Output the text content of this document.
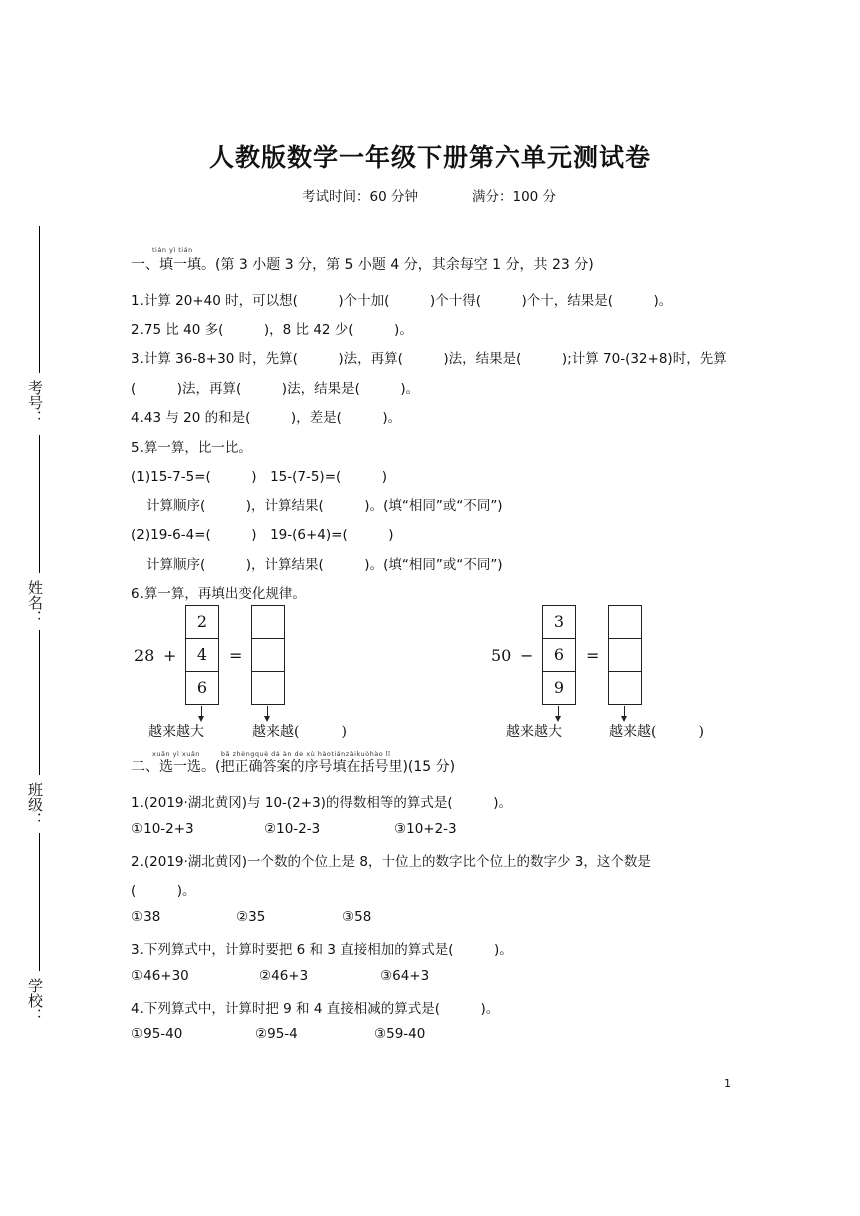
人教版数学一年级下册第六单元测试卷
考试时间：60 分钟	满分：100 分
考号：
姓名：
班级：
学校：
tián yì tián
一、填一填。(第 3 小题 3 分，第 5 小题 4 分，其余每空 1 分，共 23 分)
1.计算 20+40 时，可以想(　　　)个十加(　　　)个十得(　　　)个十，结果是(　　　)。
2.75 比 40 多(　　　)，8 比 42 少(　　　)。
3.计算 36-8+30 时，先算(　　　)法，再算(　　　)法，结果是(　　　);计算 70-(32+8)时，先算
(　　　)法，再算(　　　)法，结果是(　　　)。
4.43 与 20 的和是(　　　)，差是(　　　)。
5.算一算，比一比。
(1)15-7-5=(　　　)　15-(7-5)=(　　　)
计算顺序(　　　)，计算结果(　　　)。(填“相同”或“不同”)
(2)19-6-4=(　　　)　19-(6+4)=(　　　)
计算顺序(　　　)，计算结果(　　　)。(填“相同”或“不同”)
6.算一算，再填出变化规律。
28 +
2
4
6
=
越来越大	越来越(　　　)
50 −
3
6
9
=
越来越大	越来越(　　　)
xuǎn yì xuǎn　　　bǎ zhèngquè dá àn de xù hàotiánzàikuòhào lǐ
二、选一选。(把正确答案的序号填在括号里)(15 分)
1.(2019·湖北黄冈)与 10-(2+3)的得数相等的算式是(　　　)。
①10-2+3	②10-2-3	③10+2-3
2.(2019·湖北黄冈)一个数的个位上是 8，十位上的数字比个位上的数字少 3，这个数是
(　　　)。
①38	②35	③58
3.下列算式中，计算时要把 6 和 3 直接相加的算式是(　　　)。
①46+30	②46+3	③64+3
4.下列算式中，计算时把 9 和 4 直接相减的算式是(　　　)。
①95-40	②95-4	③59-40
1
